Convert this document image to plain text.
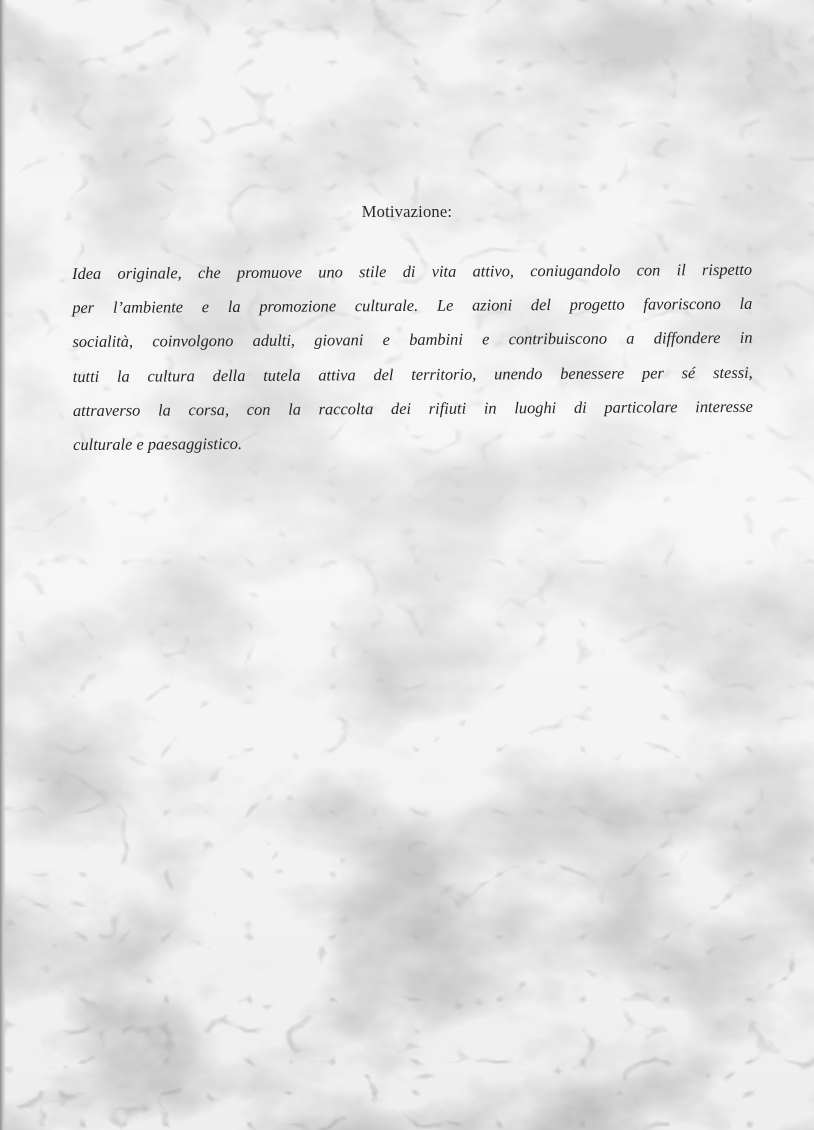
Motivazione:
Idea originale, che promuove uno stile di vita attivo, coniugandolo con il rispetto
per l’ambiente e la promozione culturale. Le azioni del progetto favoriscono la
socialità, coinvolgono adulti, giovani e bambini e contribuiscono a diffondere in
tutti la cultura della tutela attiva del territorio, unendo benessere per sé stessi,
attraverso la corsa, con la raccolta dei rifiuti in luoghi di particolare interesse
culturale e paesaggistico.
